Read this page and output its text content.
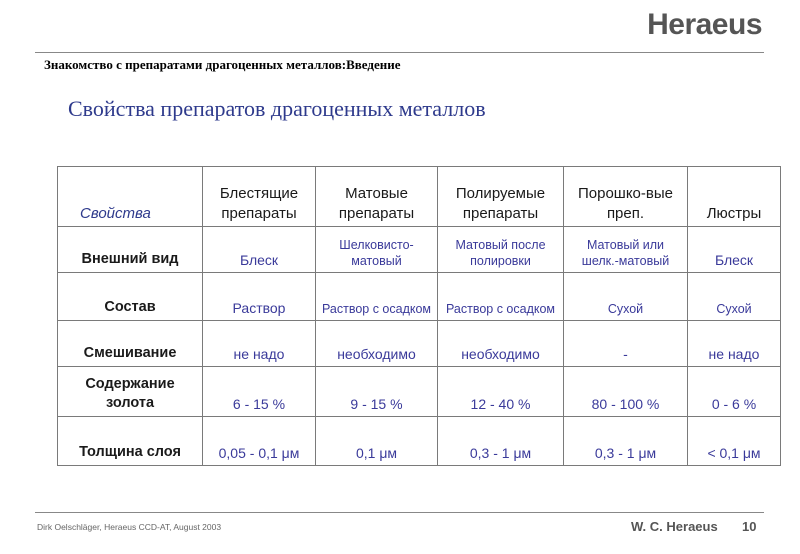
Heraeus
Знакомство с препаратами драгоценных металлов:Введение
Свойства препаратов драгоценных металлов
Свойства	Блестящие препараты	Матовые препараты	Полируемые препараты	Порошко-вые преп.	Люстры
Внешний вид	Блеск	Шелковисто-матовый	Матовый после полировки	Матовый или шелк.-матовый	Блеск
Состав	Раствор	Раствор с осадком	Раствор с осадком	Сухой	Сухой
Смешивание	не надо	необходимо	необходимо	-	не надо
Содержание золота	6 - 15 %	9 - 15 %	12 - 40 %	80 - 100 %	0 - 6 %
Толщина слоя	0,05 - 0,1 μм	0,1 μм	0,3 - 1 μм	0,3 - 1 μм	< 0,1 μм
Dirk Oelschläger, Heraeus CCD-AT, August 2003	W. C. Heraeus 10
